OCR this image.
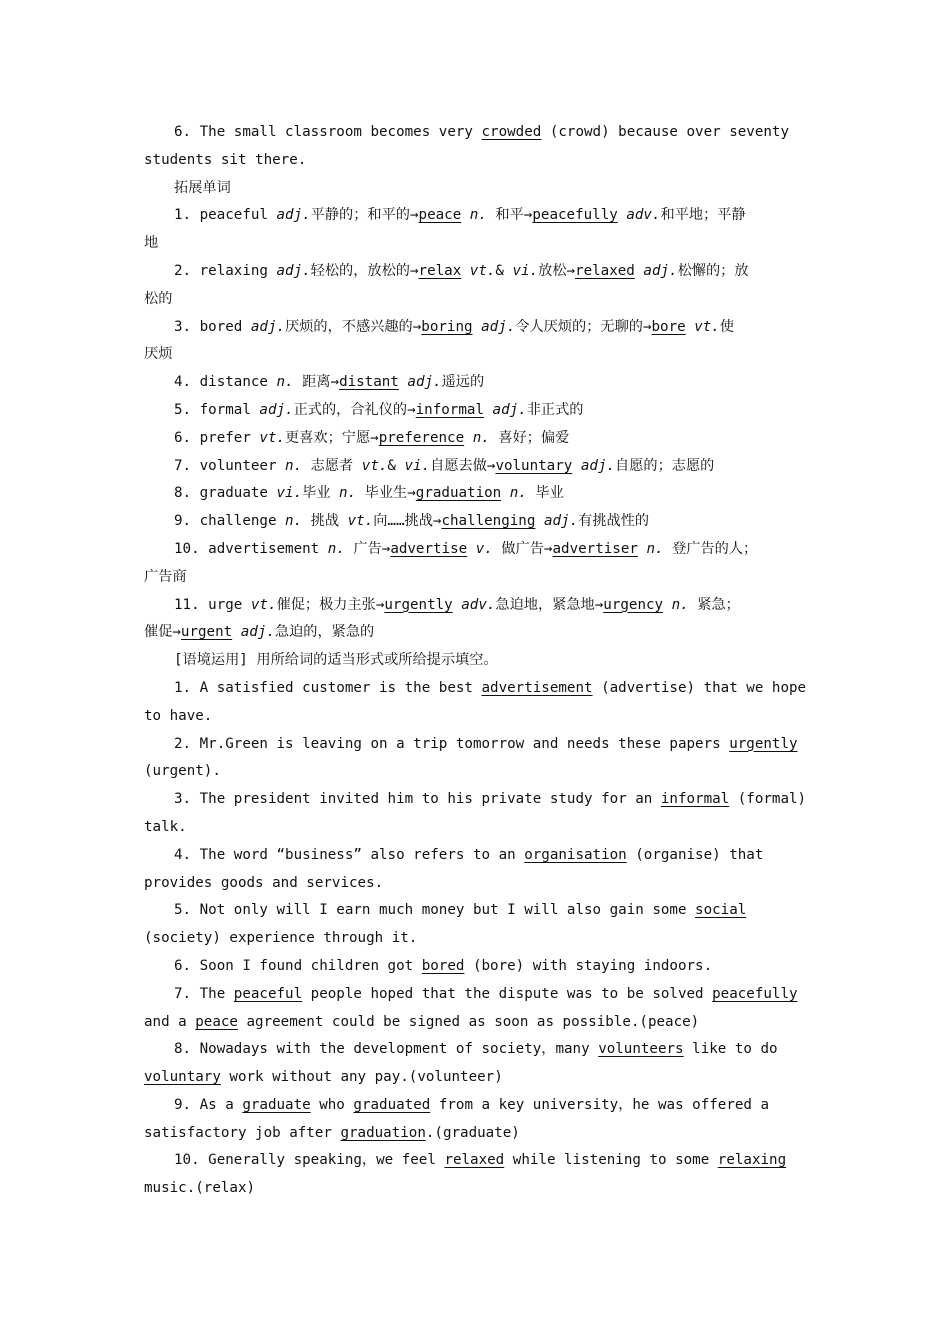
6. The small classroom becomes very crowded (crowd) because over seventy
students sit there.
拓展单词
1. peaceful adj.平静的；和平的→peace n. 和平→peacefully adv.和平地；平静
地
2. relaxing adj.轻松的，放松的→relax vt.& vi.放松→relaxed adj.松懈的；放
松的
3. bored adj.厌烦的，不感兴趣的→boring adj.令人厌烦的；无聊的→bore vt.使
厌烦
4. distance n. 距离→distant adj.遥远的
5. formal adj.正式的，合礼仪的→informal adj.非正式的
6. prefer vt.更喜欢；宁愿→preference n. 喜好；偏爱
7. volunteer n. 志愿者 vt.& vi.自愿去做→voluntary adj.自愿的；志愿的
8. graduate vi.毕业 n. 毕业生→graduation n. 毕业
9. challenge n. 挑战 vt.向……挑战→challenging adj.有挑战性的
10. advertisement n. 广告→advertise v. 做广告→advertiser n. 登广告的人；
广告商
11. urge vt.催促；极力主张→urgently adv.急迫地，紧急地→urgency n. 紧急；
催促→urgent adj.急迫的，紧急的
[语境运用] 用所给词的适当形式或所给提示填空。
1. A satisfied customer is the best advertisement (advertise) that we hope
to have.
2. Mr.Green is leaving on a trip tomorrow and needs these papers urgently
(urgent).
3. The president invited him to his private study for an informal (formal)
talk.
4. The word “business” also refers to an organisation (organise) that
provides goods and services.
5. Not only will I earn much money but I will also gain some social
(society) experience through it.
6. Soon I found children got bored (bore) with staying indoors.
7. The peaceful people hoped that the dispute was to be solved peacefully
and a peace agreement could be signed as soon as possible.(peace)
8. Nowadays with the development of society，many volunteers like to do
voluntary work without any pay.(volunteer)
9. As a graduate who graduated from a key university，he was offered a
satisfactory job after graduation.(graduate)
10. Generally speaking，we feel relaxed while listening to some relaxing
music.(relax)
